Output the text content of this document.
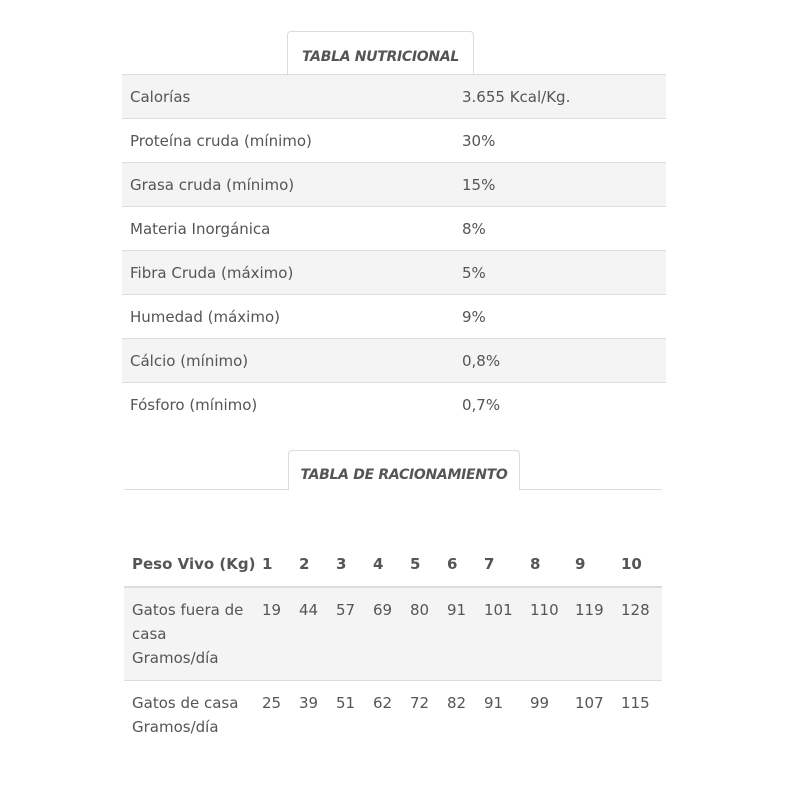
TABLA NUTRICIONAL
Calorías	3.655 Kcal/Kg.
Proteína cruda (mínimo)	30%
Grasa cruda (mínimo)	15%
Materia Inorgánica	8%
Fibra Cruda (máximo)	5%
Humedad (máximo)	9%
Cálcio (mínimo)	0,8%
Fósforo (mínimo)	0,7%
TABLA DE RACIONAMIENTO
Peso Vivo (Kg)	1	2	3	4	5	6	7	8	9	10

Gatos fuera de
casa
Gramos/día	19	44	57	69	80	91	101	110	119	128

Gatos de casa
Gramos/día	25	39	51	62	72	82	91	99	107	115
